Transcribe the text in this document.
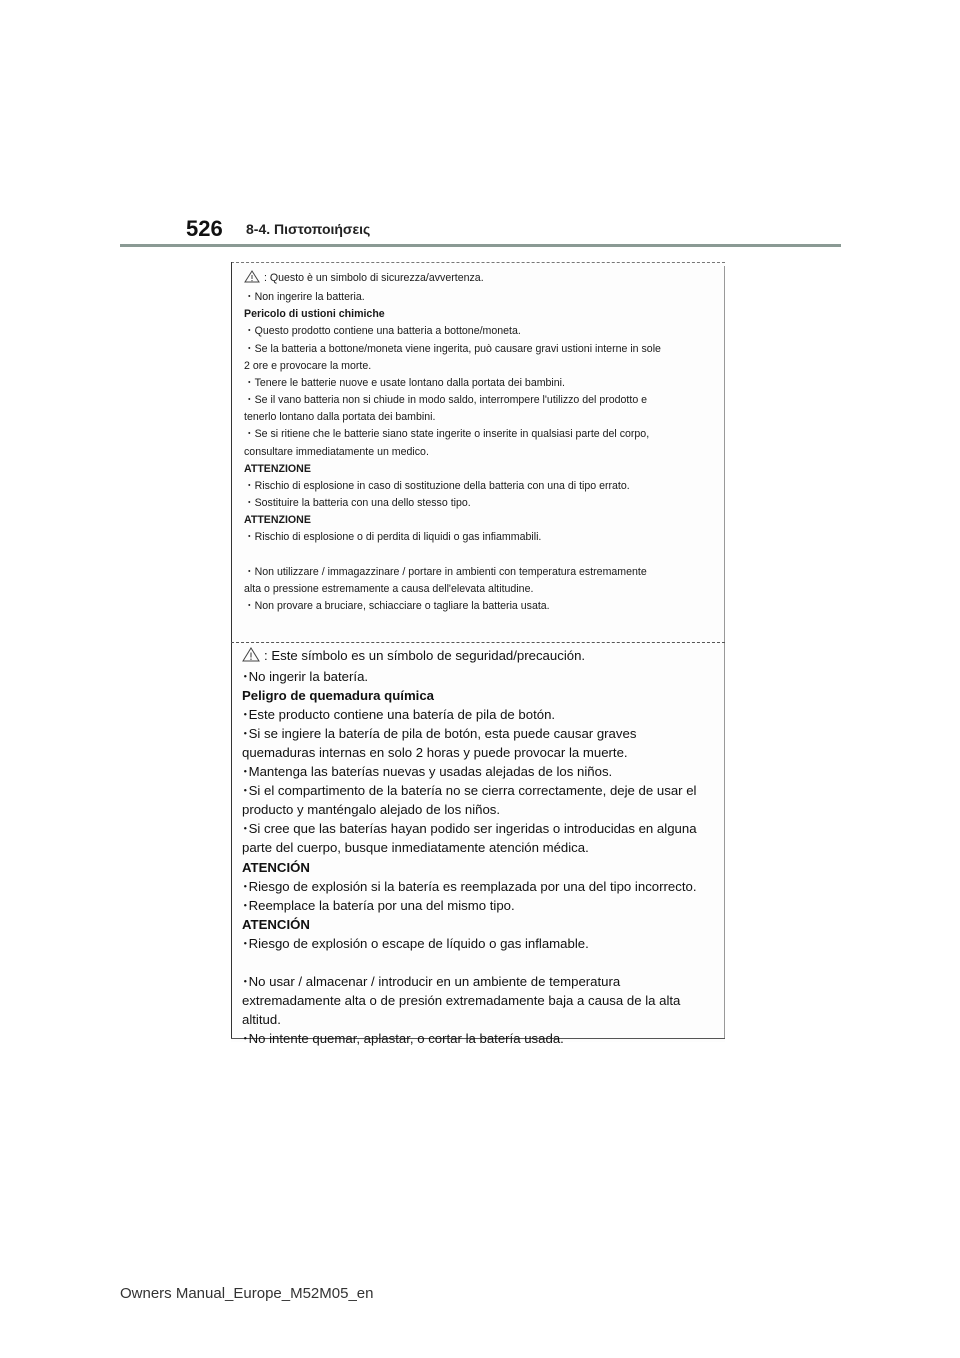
526 8-4. Πιστοποιήσεις
: Questo è un simbolo di sicurezza/avvertenza.
・Non ingerire la batteria.
Pericolo di ustioni chimiche
・Questo prodotto contiene una batteria a bottone/moneta.
・Se la batteria a bottone/moneta viene ingerita, può causare gravi ustioni interne in sole
2 ore e provocare la morte.
・Tenere le batterie nuove e usate lontano dalla portata dei bambini.
・Se il vano batteria non si chiude in modo saldo, interrompere l'utilizzo del prodotto e
tenerlo lontano dalla portata dei bambini.
・Se si ritiene che le batterie siano state ingerite o inserite in qualsiasi parte del corpo,
consultare immediatamente un medico.
ATTENZIONE
・Rischio di esplosione in caso di sostituzione della batteria con una di tipo errato.
・Sostituire la batteria con una dello stesso tipo.
ATTENZIONE
・Rischio di esplosione o di perdita di liquidi o gas infiammabili.
・Non utilizzare / immagazzinare / portare in ambienti con temperatura estremamente
alta o pressione estremamente a causa dell'elevata altitudine.
・Non provare a bruciare, schiacciare o tagliare la batteria usata.
: Este símbolo es un símbolo de seguridad/precaución.
･No ingerir la batería.
Peligro de quemadura química
･Este producto contiene una batería de pila de botón.
･Si se ingiere la batería de pila de botón, esta puede causar graves
quemaduras internas en solo 2 horas y puede provocar la muerte.
･Mantenga las baterías nuevas y usadas alejadas de los niños.
･Si el compartimento de la batería no se cierra correctamente, deje de usar el
producto y manténgalo alejado de los niños.
･Si cree que las baterías hayan podido ser ingeridas o introducidas en alguna
parte del cuerpo, busque inmediatamente atención médica.
ATENCIÓN
･Riesgo de explosión si la batería es reemplazada por una del tipo incorrecto.
･Reemplace la batería por una del mismo tipo.
ATENCIÓN
･Riesgo de explosión o escape de líquido o gas inflamable.
･No usar / almacenar / introducir en un ambiente de temperatura
extremadamente alta o de presión extremadamente baja a causa de la alta
altitud.
･No intente quemar, aplastar, o cortar la batería usada.
Owners Manual_Europe_M52M05_en
